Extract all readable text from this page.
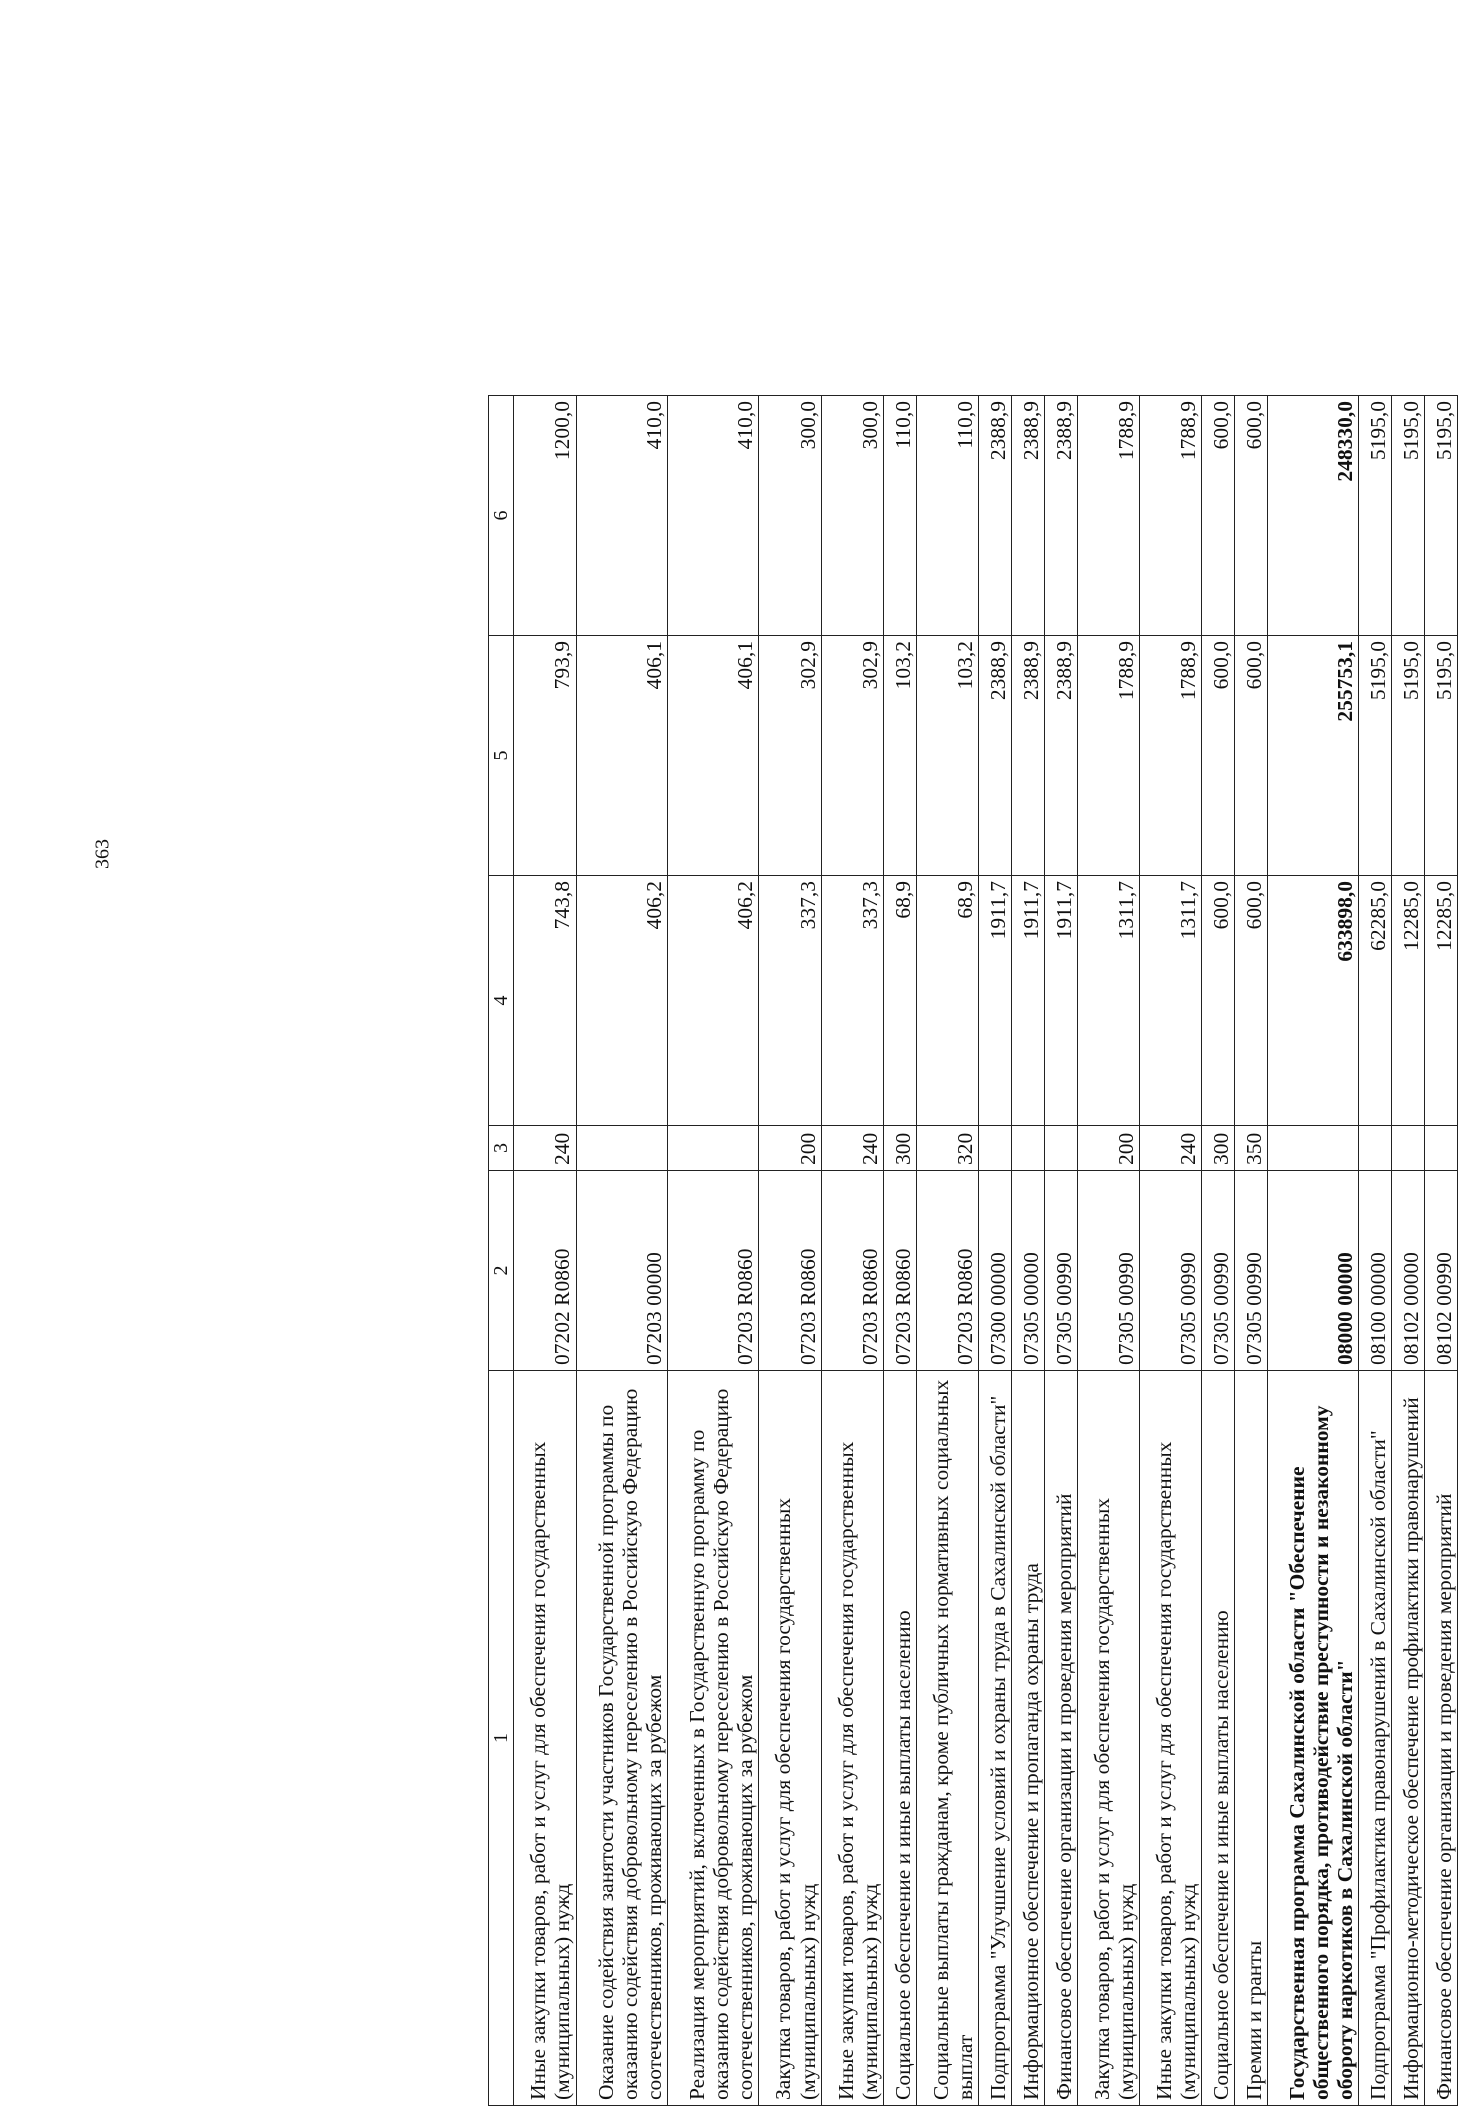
363
1	2	3	4	5	6
Иные закупки товаров, работ и услуг для обеспечения государственных (муниципальных) нужд	07202 R0860	240	743,8	793,9	1200,0
Оказание содействия занятости участников Государственной программы по оказанию содействия добровольному переселению в Российскую Федерацию соотечественников, проживающих за рубежом	07203 00000		406,2	406,1	410,0
Реализация мероприятий, включенных в Государственную программу по оказанию содействия добровольному переселению в Российскую Федерацию соотечественников, проживающих за рубежом	07203 R0860		406,2	406,1	410,0
Закупка товаров, работ и услуг для обеспечения государственных (муниципальных) нужд	07203 R0860	200	337,3	302,9	300,0
Иные закупки товаров, работ и услуг для обеспечения государственных (муниципальных) нужд	07203 R0860	240	337,3	302,9	300,0
Социальное обеспечение и иные выплаты населению	07203 R0860	300	68,9	103,2	110,0
Социальные выплаты гражданам, кроме публичных нормативных социальных выплат	07203 R0860	320	68,9	103,2	110,0
Подпрограмма "Улучшение условий и охраны труда в Сахалинской области"	07300 00000		1911,7	2388,9	2388,9
Информационное обеспечение и пропаганда охраны труда	07305 00000		1911,7	2388,9	2388,9
Финансовое обеспечение организации и проведения мероприятий	07305 00990		1911,7	2388,9	2388,9
Закупка товаров, работ и услуг для обеспечения государственных (муниципальных) нужд	07305 00990	200	1311,7	1788,9	1788,9
Иные закупки товаров, работ и услуг для обеспечения государственных (муниципальных) нужд	07305 00990	240	1311,7	1788,9	1788,9
Социальное обеспечение и иные выплаты населению	07305 00990	300	600,0	600,0	600,0
Премии и гранты	07305 00990	350	600,0	600,0	600,0
Государственная программа Сахалинской области "Обеспечение общественного порядка, противодействие преступности и незаконному обороту наркотиков в Сахалинской области"	08000 00000		633898,0	255753,1	248330,0
Подпрограмма "Профилактика правонарушений в Сахалинской области"	08100 00000		62285,0	5195,0	5195,0
Информационно-методическое обеспечение профилактики правонарушений	08102 00000		12285,0	5195,0	5195,0
Финансовое обеспечение организации и проведения мероприятий	08102 00990		12285,0	5195,0	5195,0
